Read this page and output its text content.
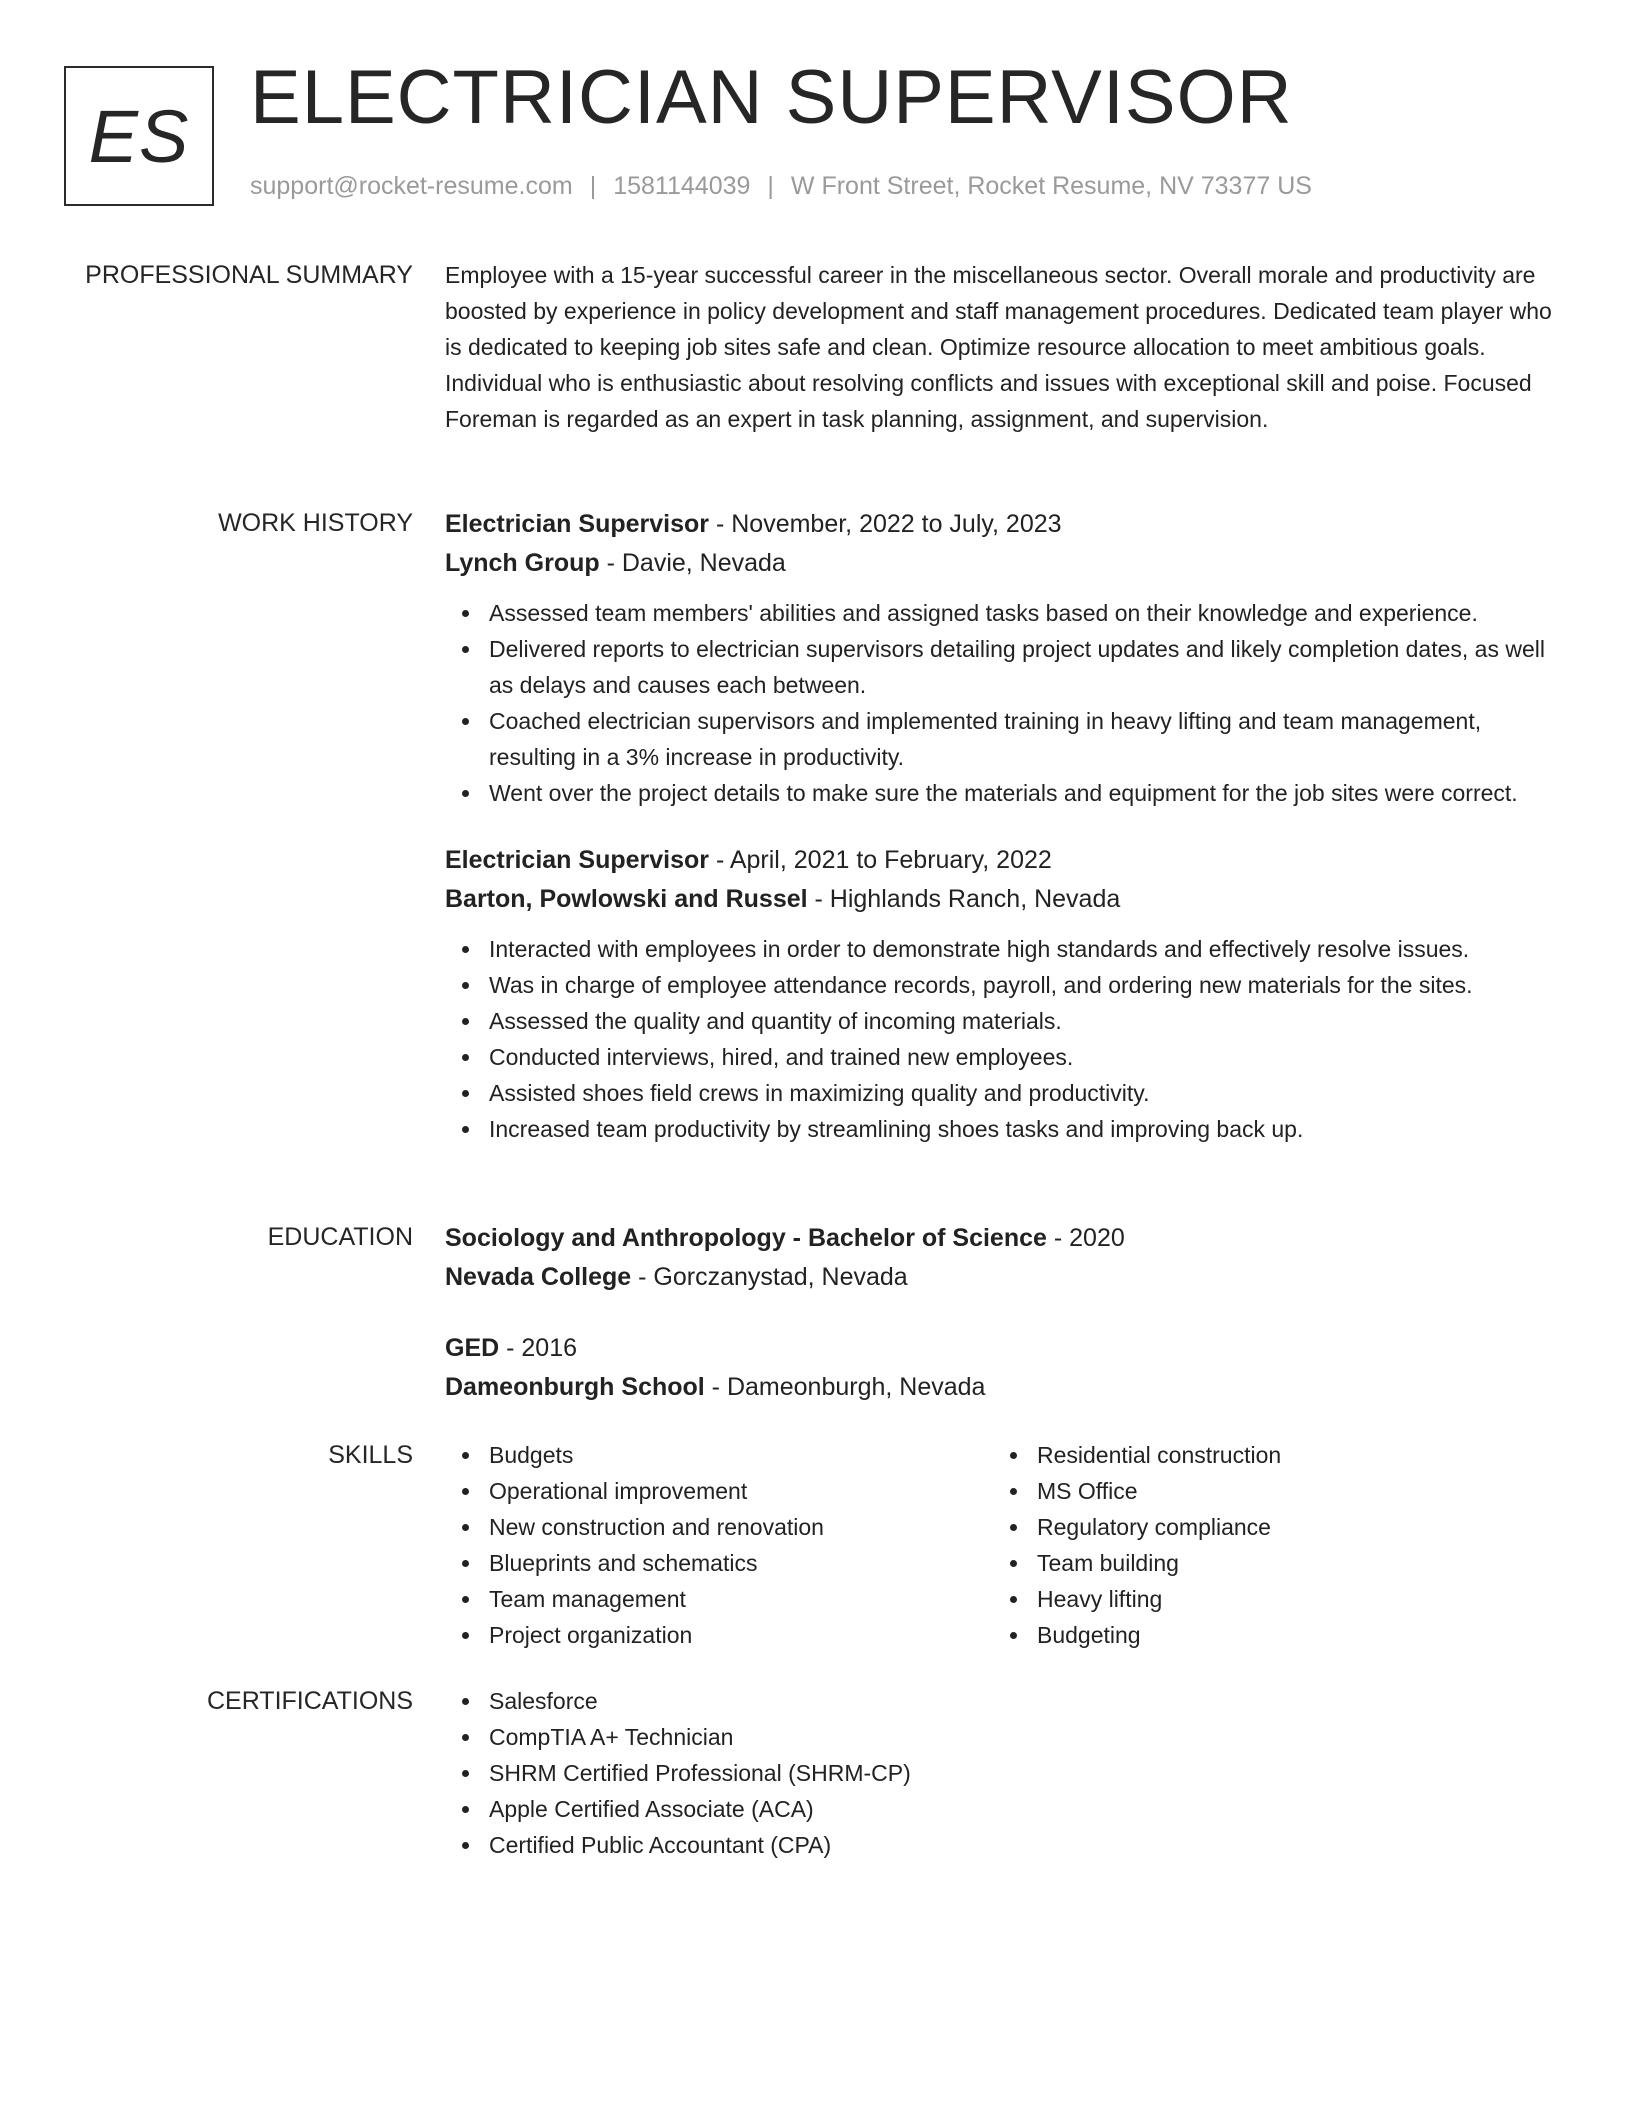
ES ELECTRICIAN SUPERVISOR
support@rocket-resume.com | 1581144039 | W Front Street, Rocket Resume, NV 73377 US
PROFESSIONAL SUMMARY Employee with a 15-year successful career in the miscellaneous sector. Overall morale and productivity are boosted by experience in policy development and staff management procedures. Dedicated team player who is dedicated to keeping job sites safe and clean. Optimize resource allocation to meet ambitious goals. Individual who is enthusiastic about resolving conflicts and issues with exceptional skill and poise. Focused Foreman is regarded as an expert in task planning, assignment, and supervision.

WORK HISTORY Electrician Supervisor - November, 2022 to July, 2023
Lynch Group - Davie, Nevada
Assessed team members' abilities and assigned tasks based on their knowledge and experience.
Delivered reports to electrician supervisors detailing project updates and likely completion dates, as well as delays and causes each between.
Coached electrician supervisors and implemented training in heavy lifting and team management, resulting in a 3% increase in productivity.
Went over the project details to make sure the materials and equipment for the job sites were correct.
Electrician Supervisor - April, 2021 to February, 2022
Barton, Powlowski and Russel - Highlands Ranch, Nevada
Interacted with employees in order to demonstrate high standards and effectively resolve issues.
Was in charge of employee attendance records, payroll, and ordering new materials for the sites.
Assessed the quality and quantity of incoming materials.
Conducted interviews, hired, and trained new employees.
Assisted shoes field crews in maximizing quality and productivity.
Increased team productivity by streamlining shoes tasks and improving back up.
EDUCATION Sociology and Anthropology - Bachelor of Science - 2020
Nevada College - Gorczanystad, Nevada
GED - 2016
Dameonburgh School - Dameonburgh, Nevada
SKILLS	Budgets
Operational improvement
New construction and renovation
Blueprints and schematics
Team management
Project organization
Residential construction
MS Office
Regulatory compliance
Team building
Heavy lifting
Budgeting
CERTIFICATIONS	Salesforce
CompTIA A+ Technician
SHRM Certified Professional (SHRM-CP)
Apple Certified Associate (ACA)
Certified Public Accountant (CPA)
